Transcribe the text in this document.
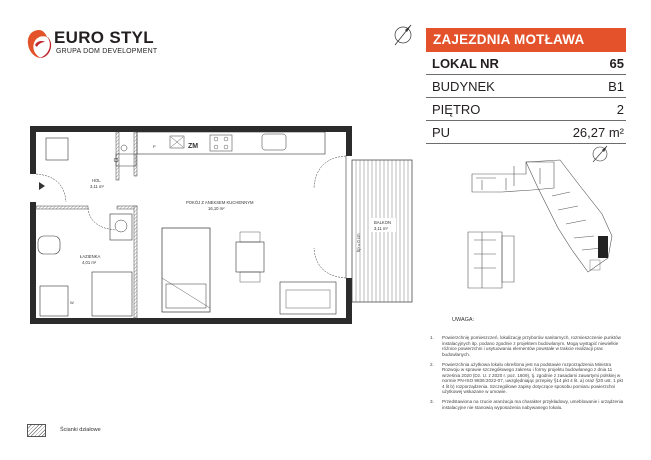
EURO STYL
GRUPA DOM DEVELOPMENT
ZAJEZDNIA MOTŁAWA
LOKAL NR	65
BUDYNEK	B1
PIĘTRO	2
PU	26,27 m²
ZM
P
W
HOL
3,11 m²
POKÓJ Z ANEKSEM KUCHENNYM
16,10 m²
ŁAZIENKA
4,01 m²
BALKON
3,11 m²
hp = 0 cm
UWAGA:
1.	Powierzchnię pomieszczeń, lokalizację przyborów sanitarnych, rozmieszczenie punktów instalacyjnych itp. podano zgodnie z projektem budowlanym. Mogą wystąpić niewielkie różnice powierzchni i usytuowania elementów powstałe w trakcie realizacji prac budowlanych.
2.	Powierzchnia użytkowa lokalu określona jest na podstawie rozporządzenia Ministra Rozwoju w sprawie szczegółowego zakresu i formy projektu budowlanego z dnia 11 września 2020 (Dz. U. z 2020 r. poz. 1609), tj. zgodnie z zasadami zawartymi polskiej w normie PN-ISO 9836:2022-07, uwzględniając przepisy §14 pkt 4 lit. a) oraz §20 ust. 1 pkt 4 lit b) rozporządzenia. Szczegółowe zapisy dotyczące sposobu pomiaru powierzchni użytkowej wskazane w umowie.
3.	Przedstawiona na rzucie aranżacja ma charakter przykładowy, umeblowanie i urządzenia instalacyjne nie stanowią wyposażenia nabywanego lokalu.
Ścianki działowe
